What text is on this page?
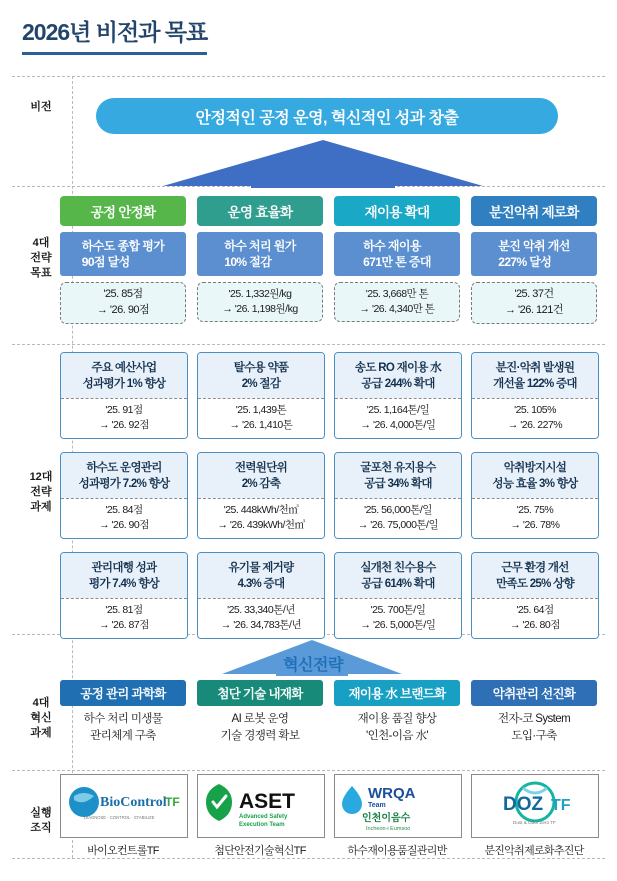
2026년 비전과 목표
비전
4대
전략
목표
12대
전략
과제
4대
혁신
과제
실행
조직
안정적인 공정 운영, 혁신적인 성과 창출
공정 안정화
하수도 종합 평가
90점 달성
'25. 85점
→ '26. 90점
운영 효율화
하수 처리 원가
10% 절감
'25. 1,332원/kg
→ '26. 1,198원/kg
재이용 확대
하수 재이용
671만 톤 증대
'25. 3,668만 톤
→ '26. 4,340만 톤
분진악취 제로화
분진 악취 개선
227% 달성
'25. 37건
→ '26. 121건
주요 예산사업
성과평가 1% 향상
'25. 91점
→ '26. 92점
탈수용 약품
2% 절감
'25. 1,439톤
→ '26. 1,410톤
송도 RO 재이용 水
공급 244% 확대
'25. 1,164톤/일
→ '26. 4,000톤/일
분진·악취 발생원
개선율 122% 증대
'25. 105%
→ '26. 227%
하수도 운영관리
성과평가 7.2% 향상
'25. 84점
→ '26. 90점
전력원단위
2% 감축
'25. 448kWh/천㎥
→ '26. 439kWh/천㎥
굴포천 유지용수
공급 34% 확대
'25. 56,000톤/일
→ '26. 75,000톤/일
악취방지시설
성능 효율 3% 향상
'25. 75%
→ '26. 78%
관리대행 성과
평가 7.4% 향상
'25. 81점
→ '26. 87점
유기물 제거량
4.3% 증대
'25. 33,340톤/년
→ '26. 34,783톤/년
실개천 친수용수
공급 614% 확대
'25. 700톤/일
→ '26. 5,000톤/일
근무 환경 개선
만족도 25% 상향
'25. 64점
→ '26. 80점
혁신전략
공정 관리 과학화
하수 처리 미생물
관리체계 구축
첨단 기술 내재화
AI 로봇 운영
기술 경쟁력 확보
재이용 水 브랜드화
재이용 품질 향상
'인천-이음 水'
악취관리 선진화
전자-코 System
도입·구축
BioControl
TF
DIAGNOSE · CONTROL · STABILIZE
ASET
Advanced Safety
Execution Team
WRQA
Team
인천이음수
Incheon-i Eumsoo
DOZ TF
Dust & Odor Zero TF
바이오컨트롤TF	첨단안전기술혁신TF	하수재이용품질관리반	분진악취제로화추진단
